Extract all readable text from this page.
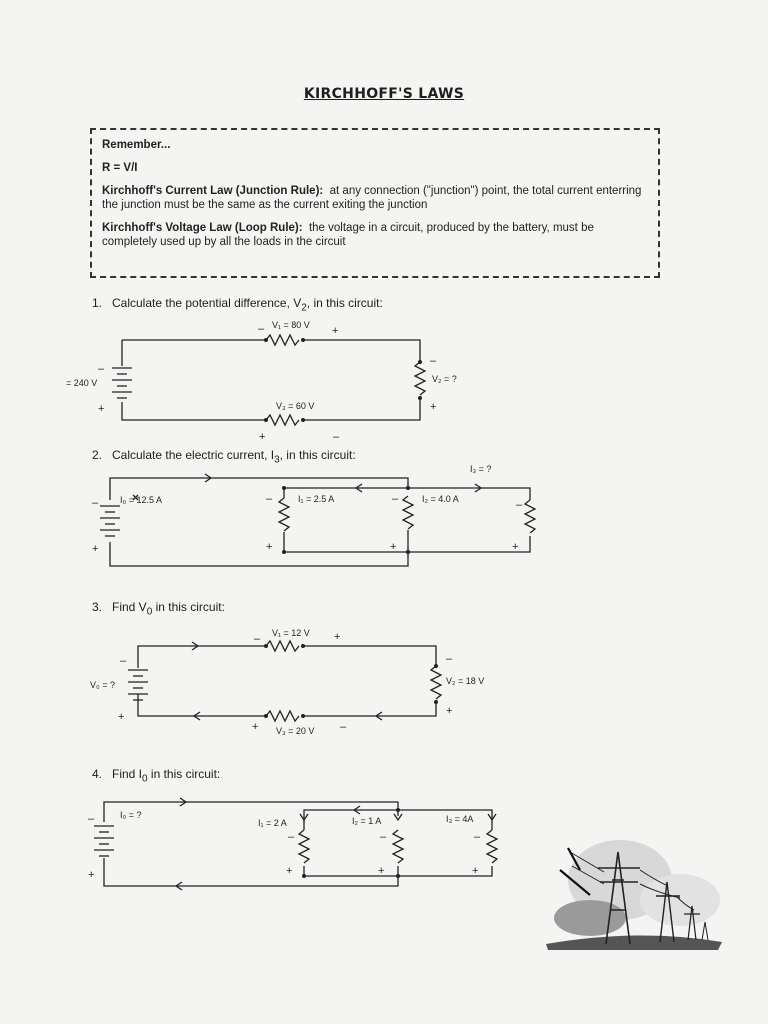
KIRCHHOFF'S LAWS

Remember...

R = V/I

Kirchhoff's Current Law (Junction Rule): at any connection ("junction") point, the total current enterring the junction must be the same as the current exiting the junction

Kirchhoff's Voltage Law (Loop Rule): the voltage in a circuit, produced by the battery, must be completely used up by all the loads in the circuit

1. Calculate the potential difference, $V_2$, in this circuit:
2. Calculate the electric current, $I_3$, in this circuit:
3. Find $V_0$ in this circuit:
4. Find $I_0$ in this circuit:
= 240 V
V₁ = 80 V
V₂ = ?
V₃ = 60 V
–	+
–
+
–
+
+	–
I₀ = 12.5 A	I₁ = 2.5 A	I₂ = 4.0 A
I₃ = ?
–
+
–
+
–
+
–
+
V₀ = ?
V₁ = 12 V
V₂ = 18 V
V₃ = 20 V
–	+
–
+
–
+
+	–
I₀ = ?
I₁ = 2 A	I₂ = 1 A	I₃ = 4A
–
+
–
+
–
+
–
+
